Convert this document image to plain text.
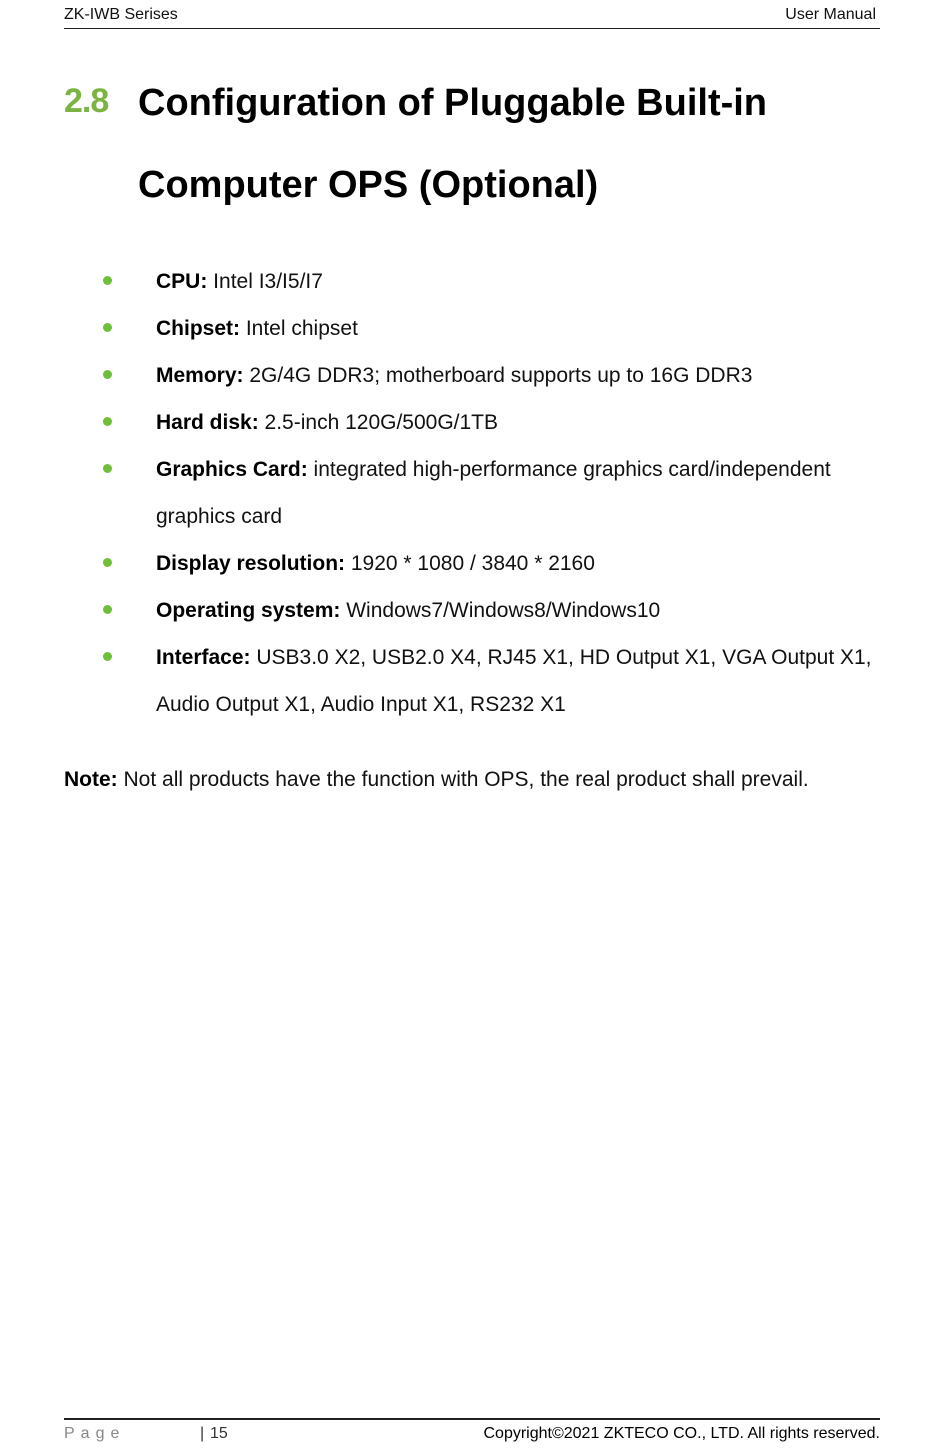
ZK-IWB Serises	User Manual
2.8 Configuration of Pluggable Built-in Computer OPS (Optional)
CPU: Intel I3/I5/I7
Chipset: Intel chipset
Memory: 2G/4G DDR3; motherboard supports up to 16G DDR3
Hard disk: 2.5-inch 120G/500G/1TB
Graphics Card: integrated high-performance graphics card/independent graphics card
Display resolution: 1920 * 1080 / 3840 * 2160
Operating system: Windows7/Windows8/Windows10
Interface: USB3.0 X2, USB2.0 X4, RJ45 X1, HD Output X1, VGA Output X1, Audio Output X1, Audio Input X1, RS232 X1
Note: Not all products have the function with OPS, the real product shall prevail.
Page	| 15	Copyright©2021 ZKTECO CO., LTD. All rights reserved.
